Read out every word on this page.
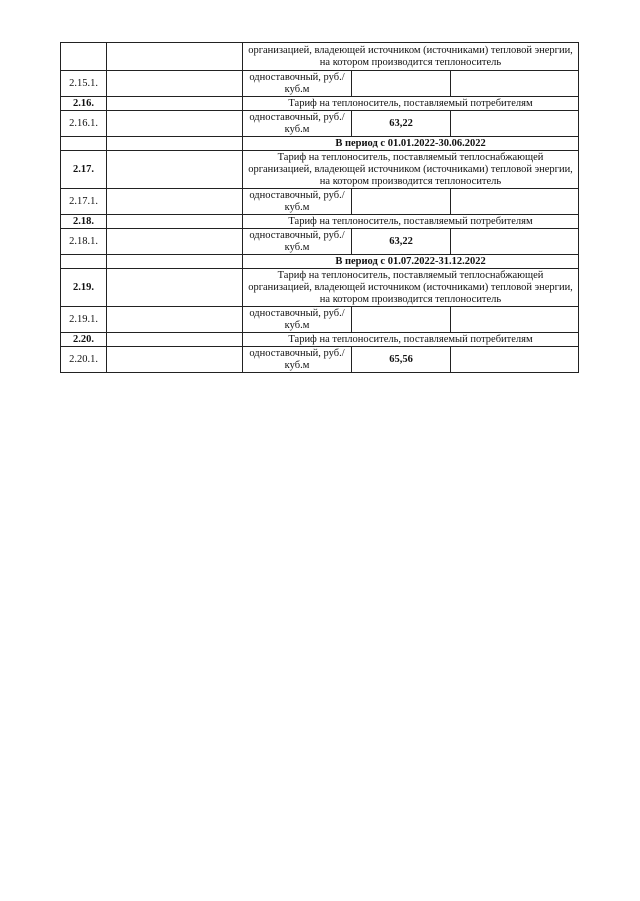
		организацией, владеющей источником (источниками) тепловой энергии, на котором производится теплоноситель		
2.15.1.		одноставочный, руб./куб.м		
2.16.		Тариф на теплоноситель, поставляемый потребителям		
2.16.1.		одноставочный, руб./куб.м	63,22	
		В период с 01.01.2022-30.06.2022		
2.17.		Тариф на теплоноситель, поставляемый теплоснабжающей организацией, владеющей источником (источниками) тепловой энергии, на котором производится теплоноситель		
2.17.1.		одноставочный, руб./куб.м		
2.18.		Тариф на теплоноситель, поставляемый потребителям		
2.18.1.		одноставочный, руб./куб.м	63,22	
		В период с 01.07.2022-31.12.2022		
2.19.		Тариф на теплоноситель, поставляемый теплоснабжающей организацией, владеющей источником (источниками) тепловой энергии, на котором производится теплоноситель		
2.19.1.		одноставочный, руб./куб.м		
2.20.		Тариф на теплоноситель, поставляемый потребителям		
2.20.1.		одноставочный, руб./куб.м	65,56	
